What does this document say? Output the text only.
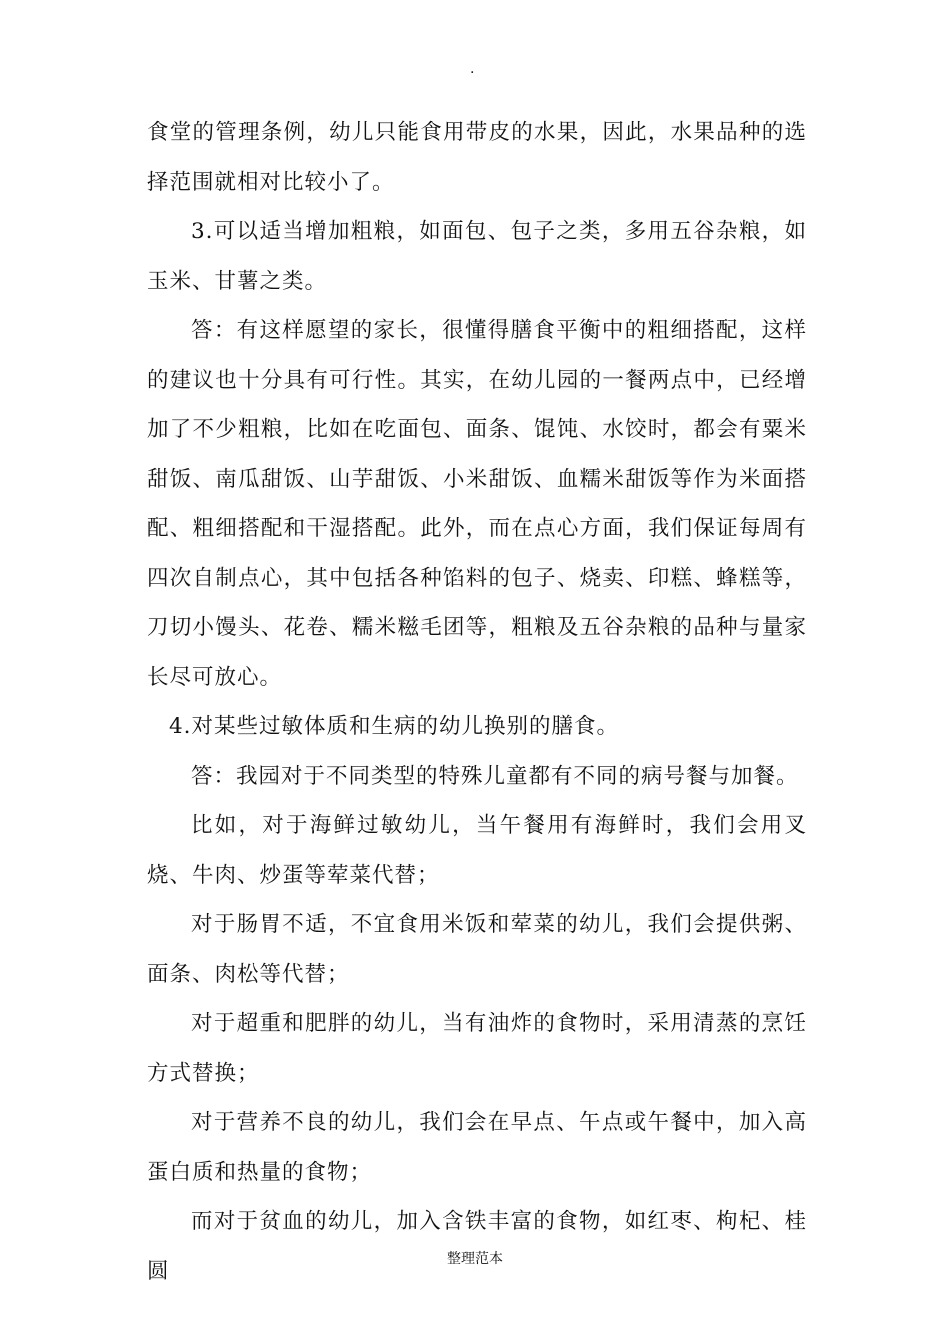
.

食堂的管理条例，幼儿只能食用带皮的水果，因此，水果品种的选择范围就相对比较小了。

3.可以适当增加粗粮，如面包、包子之类，多用五谷杂粮，如玉米、甘薯之类。

答：有这样愿望的家长，很懂得膳食平衡中的粗细搭配，这样的建议也十分具有可行性。其实，在幼儿园的一餐两点中，已经增加了不少粗粮，比如在吃面包、面条、馄饨、水饺时，都会有粟米甜饭、南瓜甜饭、山芋甜饭、小米甜饭、血糯米甜饭等作为米面搭配、粗细搭配和干湿搭配。此外，而在点心方面，我们保证每周有四次自制点心，其中包括各种馅料的包子、烧卖、印糕、蜂糕等，刀切小馒头、花卷、糯米糍毛团等，粗粮及五谷杂粮的品种与量家长尽可放心。

4.对某些过敏体质和生病的幼儿换别的膳食。

答：我园对于不同类型的特殊儿童都有不同的病号餐与加餐。

比如，对于海鲜过敏幼儿，当午餐用有海鲜时，我们会用叉烧、牛肉、炒蛋等荤菜代替；

对于肠胃不适，不宜食用米饭和荤菜的幼儿，我们会提供粥、面条、肉松等代替；

对于超重和肥胖的幼儿，当有油炸的食物时，采用清蒸的烹饪方式替换；

对于营养不良的幼儿，我们会在早点、午点或午餐中，加入高蛋白质和热量的食物；

而对于贫血的幼儿，加入含铁丰富的食物，如红枣、枸杞、桂圆	整理范本
